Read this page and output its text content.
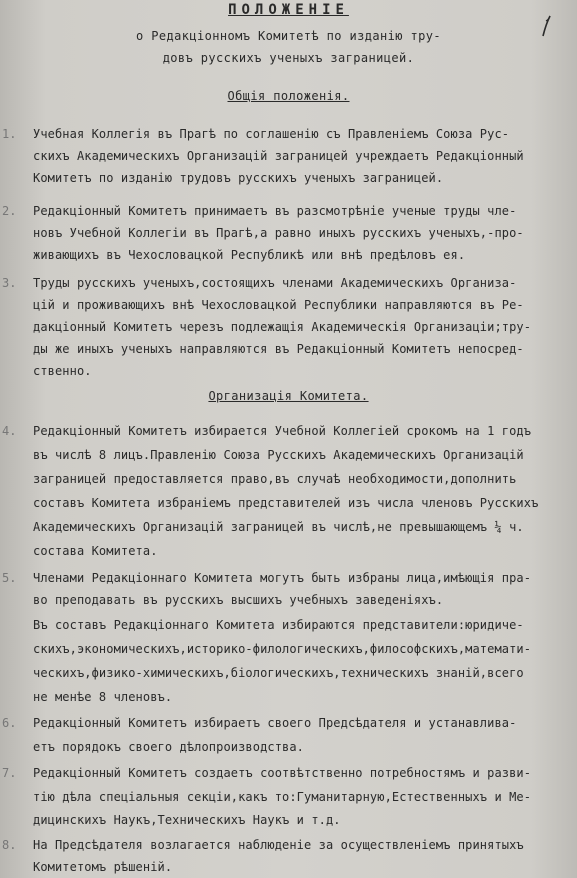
ПОЛОЖЕНІЕ
о Редакціонномъ Комитетѣ по изданію тру-
довъ русскихъ ученыхъ заграницей.
Общія положенія.
1. Учебная Коллегія въ Прагѣ по соглашенію съ Правленіемъ Союза Рус-
скихъ Академическихъ Организацій заграницей учреждаетъ Редакціонный
Комитетъ по изданію трудовъ русскихъ ученыхъ заграницей.
2. Редакціонный Комитетъ принимаетъ въ разсмотрѣніе ученые труды чле-
новъ Учебной Коллегіи въ Прагѣ,а равно иныхъ русскихъ ученыхъ,-про-
живающихъ въ Чехословацкой Республикѣ или внѣ предѣловъ ея.
3. Труды русскихъ ученыхъ,состоящихъ членами Академическихъ Организа-
цій и проживающихъ внѣ Чехословацкой Республики направляются въ Ре-
дакціонный Комитетъ черезъ подлежащія Академическія Организаціи;тру-
ды же иныхъ ученыхъ направляются въ Редакціонный Комитетъ непосред-
ственно.
Организація Комитета.
4. Редакціонный Комитетъ избирается Учебной Коллегіей срокомъ на 1 годъ
въ числѣ 8 лицъ.Правленію Союза Русскихъ Академическихъ Организацій
заграницей предоставляется право,въ случаѣ необходимости,дополнить
составъ Комитета избраніемъ представителей изъ числа членовъ Русскихъ
Академическихъ Организацій заграницей въ числѣ,не превышающемъ ¼ ч.
состава Комитета.
5. Членами Редакціоннаго Комитета могутъ быть избраны лица,имѣющія пра-
во преподавать въ русскихъ высшихъ учебныхъ заведеніяхъ.
Въ составъ Редакціоннаго Комитета избираются представители:юридиче-
скихъ,экономическихъ,историко-филологическихъ,философскихъ,математи-
ческихъ,физико-химическихъ,біологическихъ,техническихъ знаній,всего
не менѣе 8 членовъ.
6. Редакціонный Комитетъ избираетъ своего Предсѣдателя и устанавлива-
етъ порядокъ своего дѣлопроизводства.
7. Редакціонный Комитетъ создаетъ соотвѣтственно потребностямъ и разви-
тію дѣла спеціальныя секціи,какъ то:Гуманитарную,Естественныхъ и Ме-
дицинскихъ Наукъ,Техническихъ Наукъ и т.д.
8. На Предсѣдателя возлагается наблюденіе за осуществленіемъ принятыхъ
Комитетомъ рѣшеній.
